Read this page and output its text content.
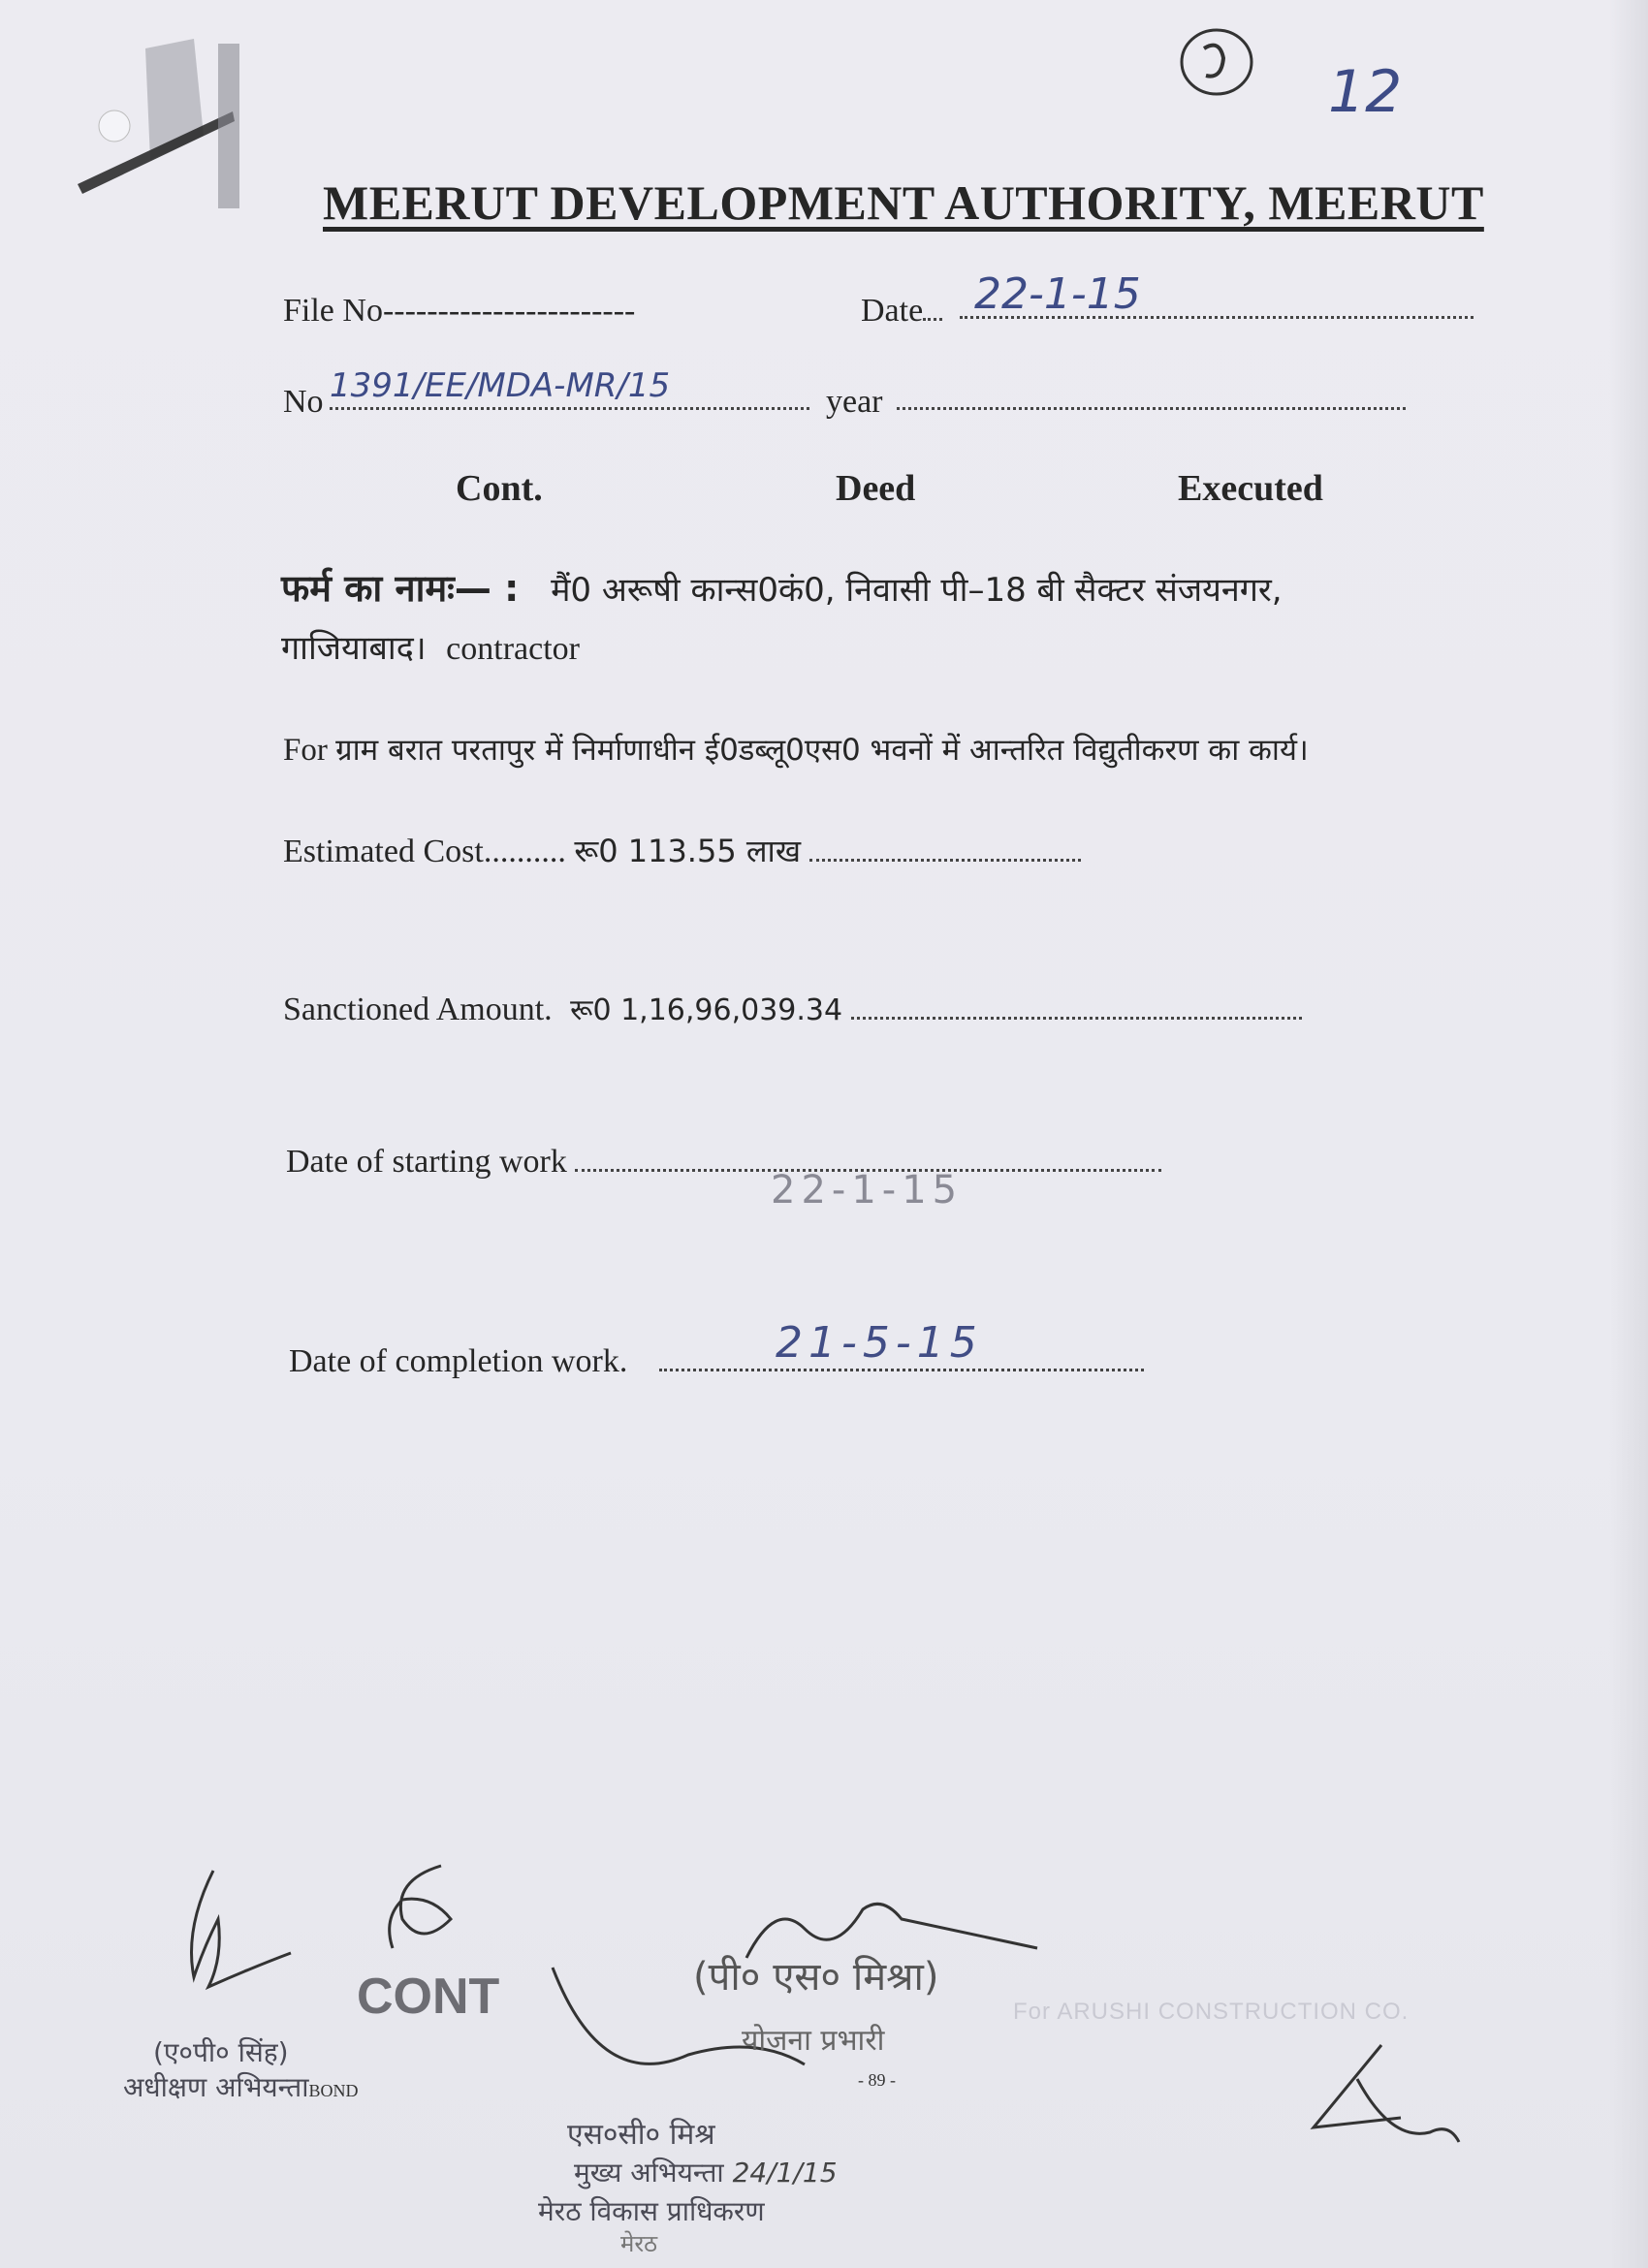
12
MEERUT DEVELOPMENT AUTHORITY, MEERUT
File No-----------------------	Date	22-1-15
No 1391/EE/MDA-MR/15	year
Cont.	Deed	Executed
फर्म का नामः— : मैं0 अरूषी कान्स0कं0, निवासी पी–18 बी सैक्टर संजयनगर,
गाजियाबाद। contractor
For ग्राम बरात परतापुर में निर्माणाधीन ई0डब्लू0एस0 भवनों में आन्तरित विद्युतीकरण का कार्य।
Estimated Cost.......... रू0 113.55 लाख
Sanctioned Amount. रू0 1,16,96,039.34
Date of starting work
22-1-15
Date of completion work.	21-5-15
CONT
(ए०पी० सिंह)
अधीक्षण अभियन्ताBOND
(पी० एस० मिश्रा)
योजना प्रभारी
- 89 -
For ARUSHI CONSTRUCTION CO.
एस०सी० मिश्र
मुख्य अभियन्ता 24/1/15
मेरठ विकास प्राधिकरण
मेरठ
